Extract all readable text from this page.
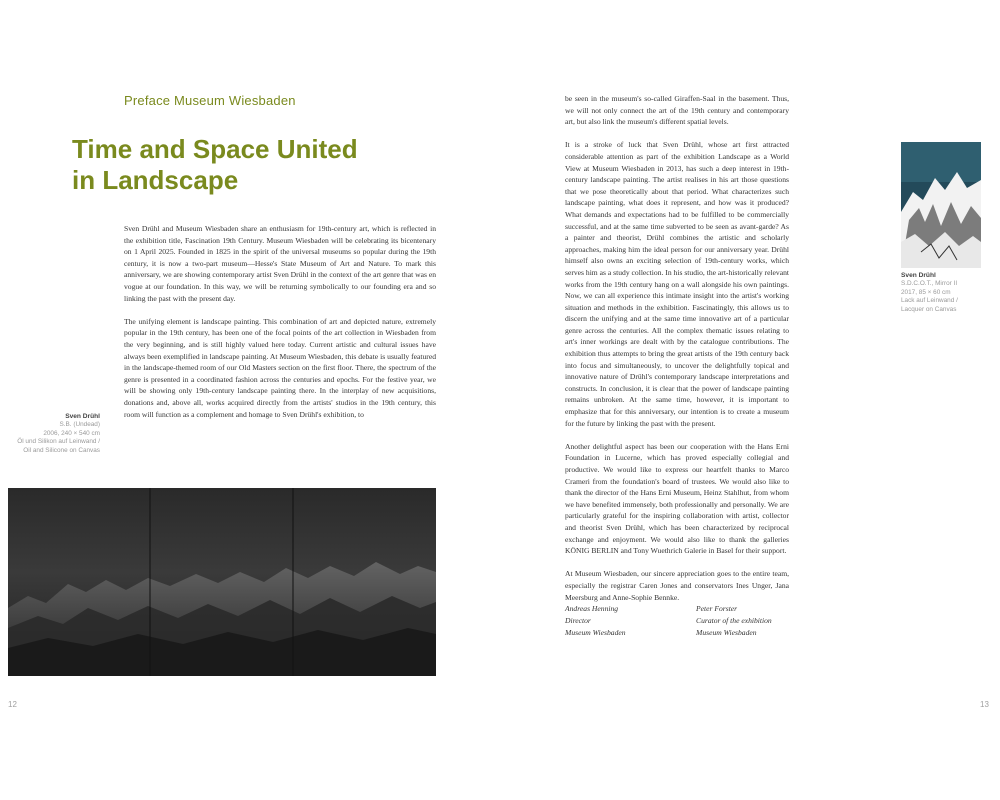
Preface Museum Wiesbaden
Time and Space United
in Landscape

Sven Drühl and Museum Wiesbaden share an enthusiasm for 19th-century art, which is reflected in the exhibition title, Fascination 19th Century. Museum Wiesbaden will be celebrating its bicentenary on 1 April 2025. Founded in 1825 in the spirit of the universal museums so popular during the 19th century, it is now a two-part museum—Hesse's State Museum of Art and Nature. To mark this anniversary, we are showing contemporary artist Sven Drühl in the context of the art genre that was en vogue at our foundation. In this way, we will be returning symbolically to our founding era and so linking the past with the present day.

The unifying element is landscape painting. This combination of art and depicted nature, extremely popular in the 19th century, has been one of the focal points of the art collection in Wiesbaden from the very beginning, and is still highly valued here today. Current artistic and cultural issues have always been exemplified in landscape painting. At Museum Wiesbaden, this debate is usually featured in the landscape-themed room of our Old Masters section on the first floor. There, the spectrum of the genre is presented in a coordinated fashion across the centuries and epochs. For the festive year, we will be showing only 19th-century landscape painting there. In the interplay of new acquisitions, donations and, above all, works acquired directly from the artists' studios in the 19th century, this room will function as a complement and homage to Sven Drühl's exhibition, to

Sven Drühl
S.B. (Undead)
2006, 240 × 540 cm
Öl und Silikon auf Leinwand /
Oil and Silicone on Canvas

be seen in the museum's so-called Giraffen-Saal in the basement. Thus, we will not only connect the art of the 19th century and contemporary art, but also link the museum's different spatial levels.

It is a stroke of luck that Sven Drühl, whose art first attracted considerable attention as part of the exhibition Landscape as a World View at Museum Wiesbaden in 2013, has such a deep interest in 19th-century landscape painting. The artist realises in his art those questions that we pose theoretically about that period. What characterizes such landscape painting, what does it represent, and how was it produced? What demands and expectations had to be fulfilled to be commercially successful, and at the same time subverted to be seen as avant-garde? As a painter and theorist, Drühl combines the artistic and scholarly approaches, making him the ideal person for our anniversary year. Drühl himself also owns an exciting selection of 19th-century works, which serves him as a study collection. In his studio, the art-historically relevant works from the 19th century hang on a wall alongside his own paintings. Now, we can all experience this intimate insight into the artist's working situation and methods in the exhibition. Fascinatingly, this allows us to discern the unifying and at the same time innovative art of a particular genre across the centuries. All the complex thematic issues relating to art's inner workings are dealt with by the catalogue contributions. The exhibition thus attempts to bring the great artists of the 19th century back into focus and simultaneously, to uncover the delightfully topical and innovative nature of Drühl's contemporary landscape interpretations and constructs. In conclusion, it is clear that the power of landscape painting remains unbroken. At the same time, however, it is important to emphasize that for this anniversary, our intention is to create a museum for the future by linking the past with the present.

Another delightful aspect has been our cooperation with the Hans Erni Foundation in Lucerne, which has proved especially collegial and productive. We would like to express our heartfelt thanks to Marco Crameri from the foundation's board of trustees. We would also like to thank the director of the Hans Erni Museum, Heinz Stahlhut, from whom we have benefited immensely, both professionally and personally. We are particularly grateful for the inspiring collaboration with artist, collector and theorist Sven Drühl, which has been characterized by reciprocal exchange and enjoyment. We would also like to thank the galleries KÖNIG BERLIN and Tony Wuethrich Galerie in Basel for their support.

At Museum Wiesbaden, our sincere appreciation goes to the entire team, especially the registrar Caren Jones and conservators Ines Unger, Jana Meersburg and Anne-Sophie Bennke.

Sven Drühl
S.D.C.O.T., Mirror II
2017, 85 × 60 cm
Lack auf Leinwand /
Lacquer on Canvas
Andreas Henning
Director
Museum Wiesbaden
Peter Forster
Curator of the exhibition
Museum Wiesbaden
12	13
